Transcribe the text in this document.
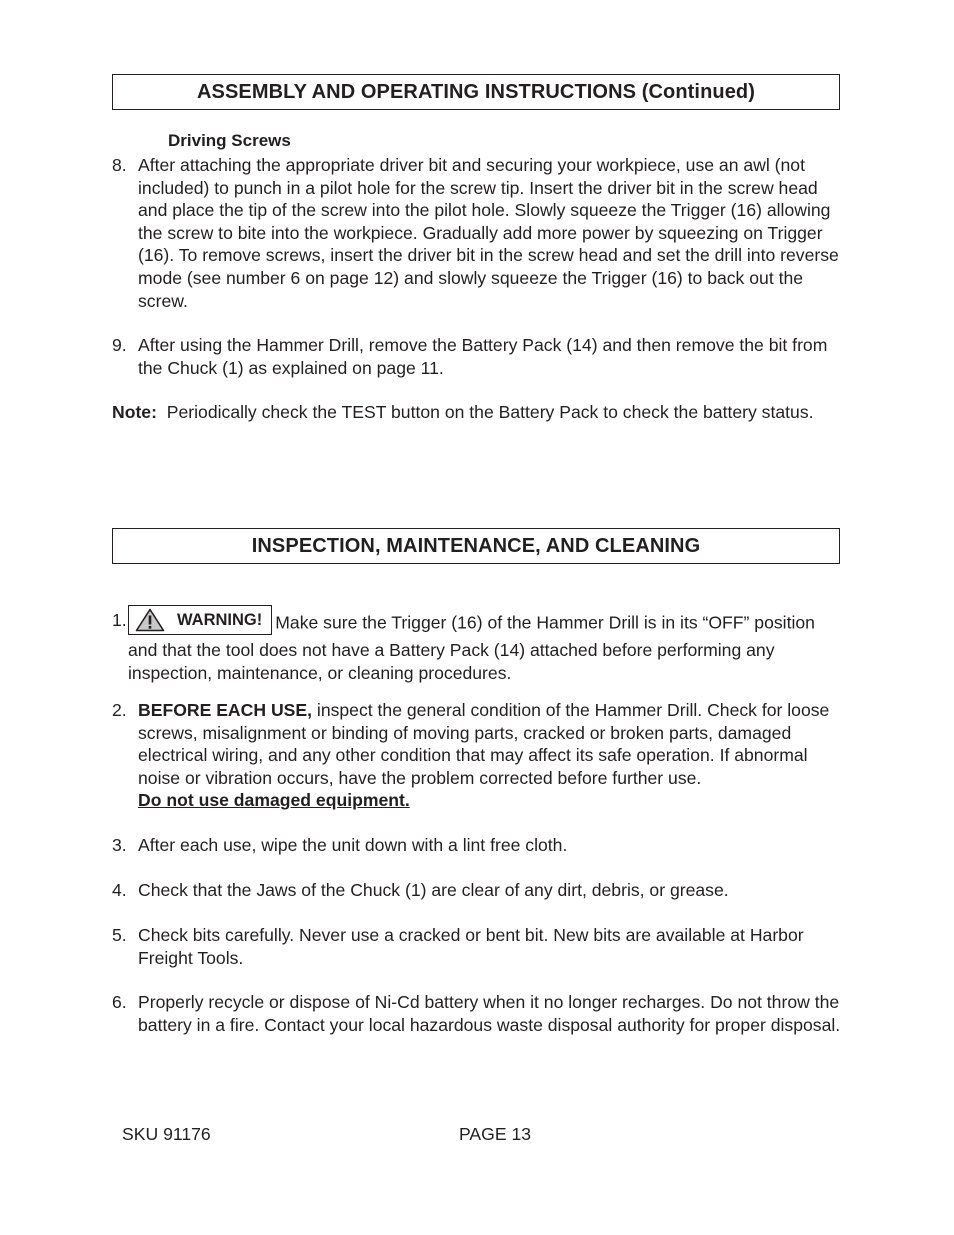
ASSEMBLY AND OPERATING INSTRUCTIONS (Continued)
Driving Screws
8. After attaching the appropriate driver bit and securing your workpiece, use an awl (not included) to punch in a pilot hole for the screw tip. Insert the driver bit in the screw head and place the tip of the screw into the pilot hole. Slowly squeeze the Trigger (16) allowing the screw to bite into the workpiece. Gradually add more power by squeezing on Trigger (16). To remove screws, insert the driver bit in the screw head and set the drill into reverse mode (see number 6 on page 12) and slowly squeeze the Trigger (16) to back out the screw.
9. After using the Hammer Drill, remove the Battery Pack (14) and then remove the bit from the Chuck (1) as explained on page 11.
Note: Periodically check the TEST button on the Battery Pack to check the battery status.
INSPECTION, MAINTENANCE, AND CLEANING
1.	WARNING! Make sure the Trigger (16) of the Hammer Drill is in its “OFF” position and that the tool does not have a Battery Pack (14) attached before performing any inspection, maintenance, or cleaning procedures.
2. BEFORE EACH USE, inspect the general condition of the Hammer Drill. Check for loose screws, misalignment or binding of moving parts, cracked or broken parts, damaged electrical wiring, and any other condition that may affect its safe operation. If abnormal noise or vibration occurs, have the problem corrected before further use.
Do not use damaged equipment.
3. After each use, wipe the unit down with a lint free cloth.
4. Check that the Jaws of the Chuck (1) are clear of any dirt, debris, or grease.
5. Check bits carefully. Never use a cracked or bent bit. New bits are available at Harbor Freight Tools.
6. Properly recycle or dispose of Ni-Cd battery when it no longer recharges. Do not throw the battery in a fire. Contact your local hazardous waste disposal authority for proper disposal.
SKU 91176	PAGE 13
